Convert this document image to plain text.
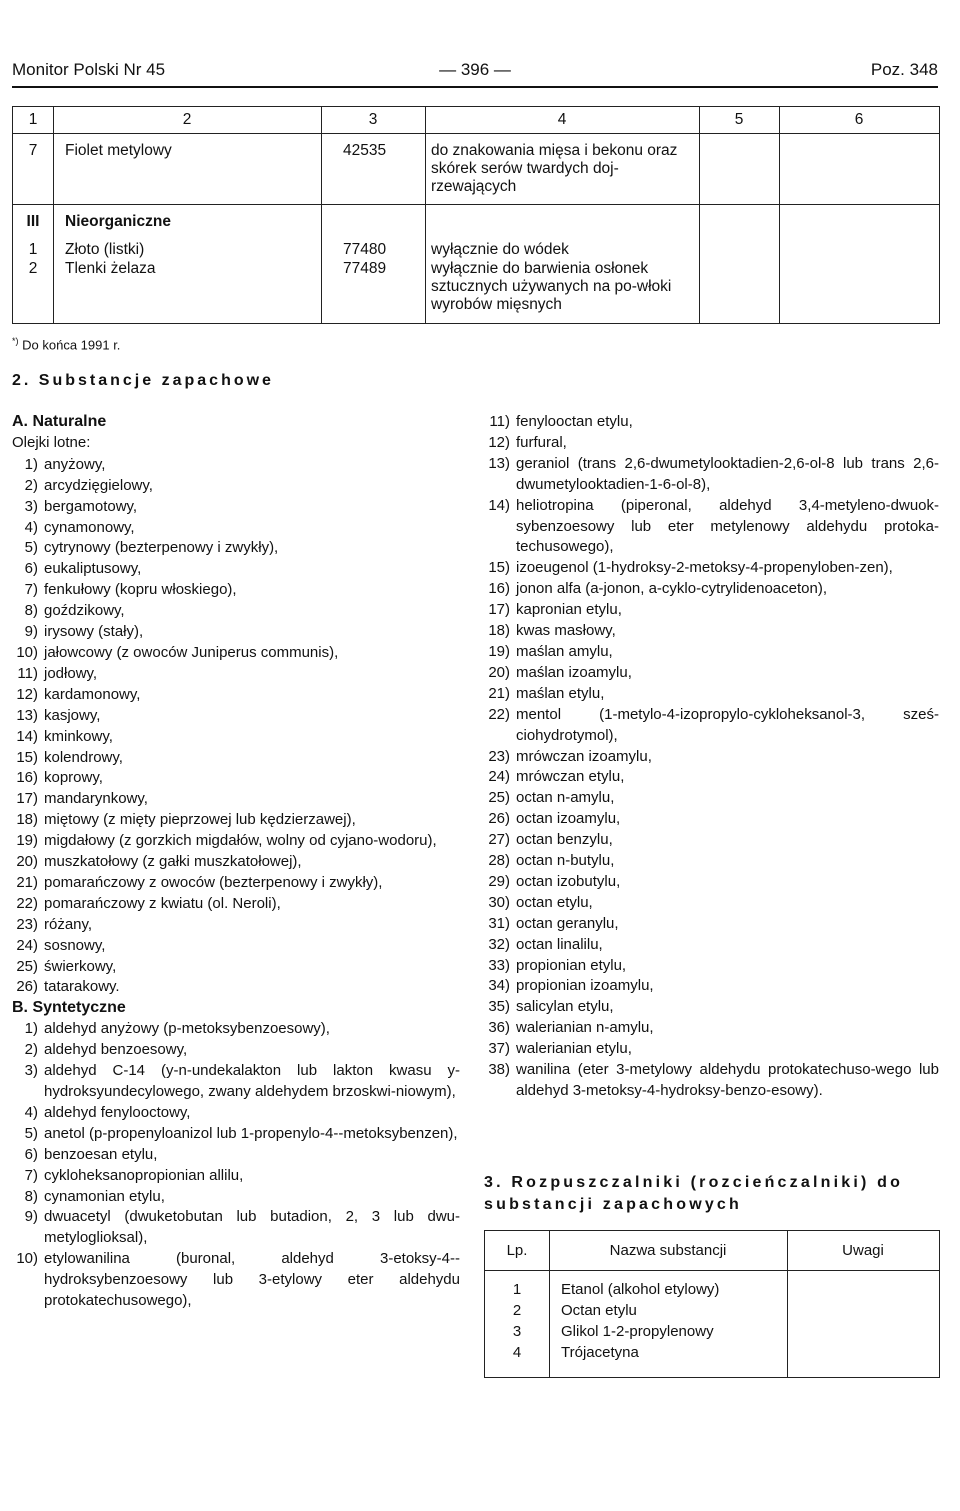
Monitor Polski Nr 45	— 396 —	Poz. 348
1	2	3	4	5	6
7	Fiolet metylowy	42535	do znakowania mięsa i bekonu oraz skórek serów twardych doj-rzewających
III	Nieorganiczne
1	Złoto (listki)	77480	wyłącznie do wódek
2	Tlenki żelaza	77489	wyłącznie do barwienia osłonek sztucznych używanych na po-włoki wyrobów mięsnych
*) Do końca 1991 r.
2. Substancje zapachowe
A. Naturalne
Olejki lotne:
1) anyżowy,
2) arcydzięgielowy,
3) bergamotowy,
4) cynamonowy,
5) cytrynowy (bezterpenowy i zwykły),
6) eukaliptusowy,
7) fenkułowy (kopru włoskiego),
8) goździkowy,
9) irysowy (stały),
10) jałowcowy (z owoców Juniperus communis),
11) jodłowy,
12) kardamonowy,
13) kasjowy,
14) kminkowy,
15) kolendrowy,
16) koprowy,
17) mandarynkowy,
18) miętowy (z mięty pieprzowej lub kędzierzawej),
19) migdałowy (z gorzkich migdałów, wolny od cyjano-wodoru),
20) muszkatołowy (z gałki muszkatołowej),
21) pomarańczowy z owoców (bezterpenowy i zwykły),
22) pomarańczowy z kwiatu (ol. Neroli),
23) różany,
24) sosnowy,
25) świerkowy,
26) tatarakowy.
B. Syntetyczne
1) aldehyd anyżowy (p-metoksybenzoesowy),
2) aldehyd benzoesowy,
3) aldehyd C-14 (y-n-undekalakton lub lakton kwasu y-hydroksyundecylowego, zwany aldehydem brzoskwi-niowym),
4) aldehyd fenylooctowy,
5) anetol (p-propenyloanizol lub 1-propenylo-4--metoksybenzen),
6) benzoesan etylu,
7) cykloheksanopropionian allilu,
8) cynamonian etylu,
9) dwuacetyl (dwuketobutan lub butadion, 2, 3 lub dwu-metyloglioksal),
10) etylowanilina (buronal, aldehyd 3-etoksy-4--hydroksybenzoesowy lub 3-etylowy eter aldehydu protokatechusowego),
11) fenylooctan etylu,
12) furfural,
13) geraniol (trans 2,6-dwumetylooktadien-2,6-ol-8 lub trans 2,6-dwumetylooktadien-1-6-ol-8),
14) heliotropina (piperonal, aldehyd 3,4-metyleno-dwuok-sybenzoesowy lub eter metylenowy aldehydu protoka-techusowego),
15) izoeugenol (1-hydroksy-2-metoksy-4-propenyloben-zen),
16) jonon alfa (a-jonon, a-cyklo-cytrylidenoaceton),
17) kapronian etylu,
18) kwas masłowy,
19) maślan amylu,
20) maślan izoamylu,
21) maślan etylu,
22) mentol (1-metylo-4-izopropylo-cykloheksanol-3, sześ-ciohydrotymol),
23) mrówczan izoamylu,
24) mrówczan etylu,
25) octan n-amylu,
26) octan izoamylu,
27) octan benzylu,
28) octan n-butylu,
29) octan izobutylu,
30) octan etylu,
31) octan geranylu,
32) octan linalilu,
33) propionian etylu,
34) propionian izoamylu,
35) salicylan etylu,
36) walerianian n-amylu,
37) walerianian etylu,
38) wanilina (eter 3-metylowy aldehydu protokatechuso-wego lub aldehyd 3-metoksy-4-hydroksy-benzo-esowy).
3. Rozpuszczalniki (rozcieńczalniki) do substancji zapachowych
Lp.	Nazwa substancji	Uwagi
1	Etanol (alkohol etylowy)
2	Octan etylu
3	Glikol 1-2-propylenowy
4	Trójacetyna
